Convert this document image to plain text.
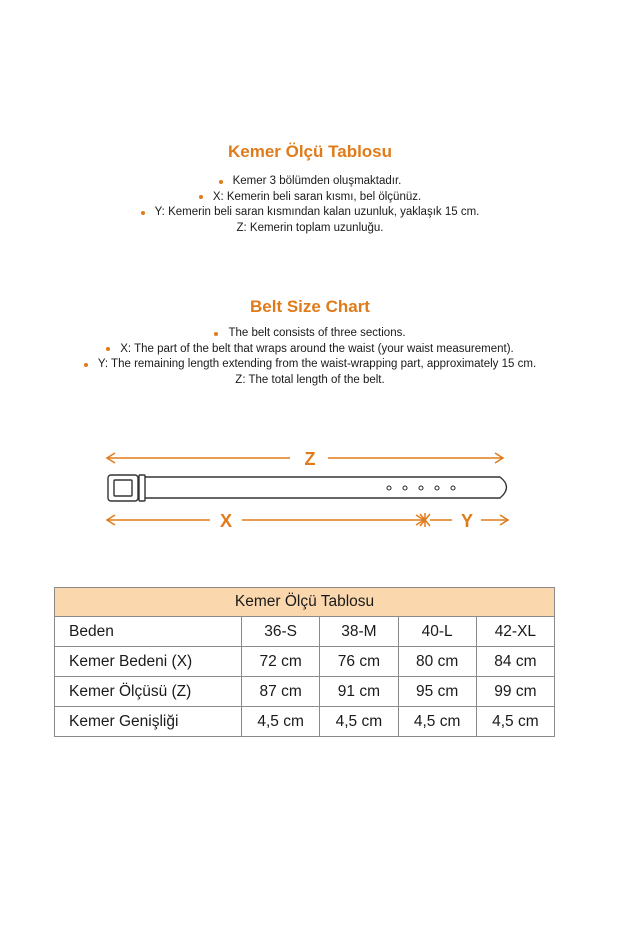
Kemer Ölçü Tablosu
Kemer 3 bölümden oluşmaktadır.
X: Kemerin beli saran kısmı, bel ölçünüz.
Y: Kemerin beli saran kısmından kalan uzunluk, yaklaşık 15 cm.
Z: Kemerin toplam uzunluğu.
Belt Size Chart
The belt consists of three sections.
X: The part of the belt that wraps around the waist (your waist measurement).
Y: The remaining length extending from the waist-wrapping part, approximately 15 cm.
Z: The total length of the belt.
Z
X	Y
Kemer Ölçü Tablosu				
Beden	36-S	38-M	40-L	42-XL
Kemer Bedeni (X)	72 cm	76 cm	80 cm	84 cm
Kemer Ölçüsü (Z)	87 cm	91 cm	95 cm	99 cm
Kemer Genişliği	4,5 cm	4,5 cm	4,5 cm	4,5 cm
